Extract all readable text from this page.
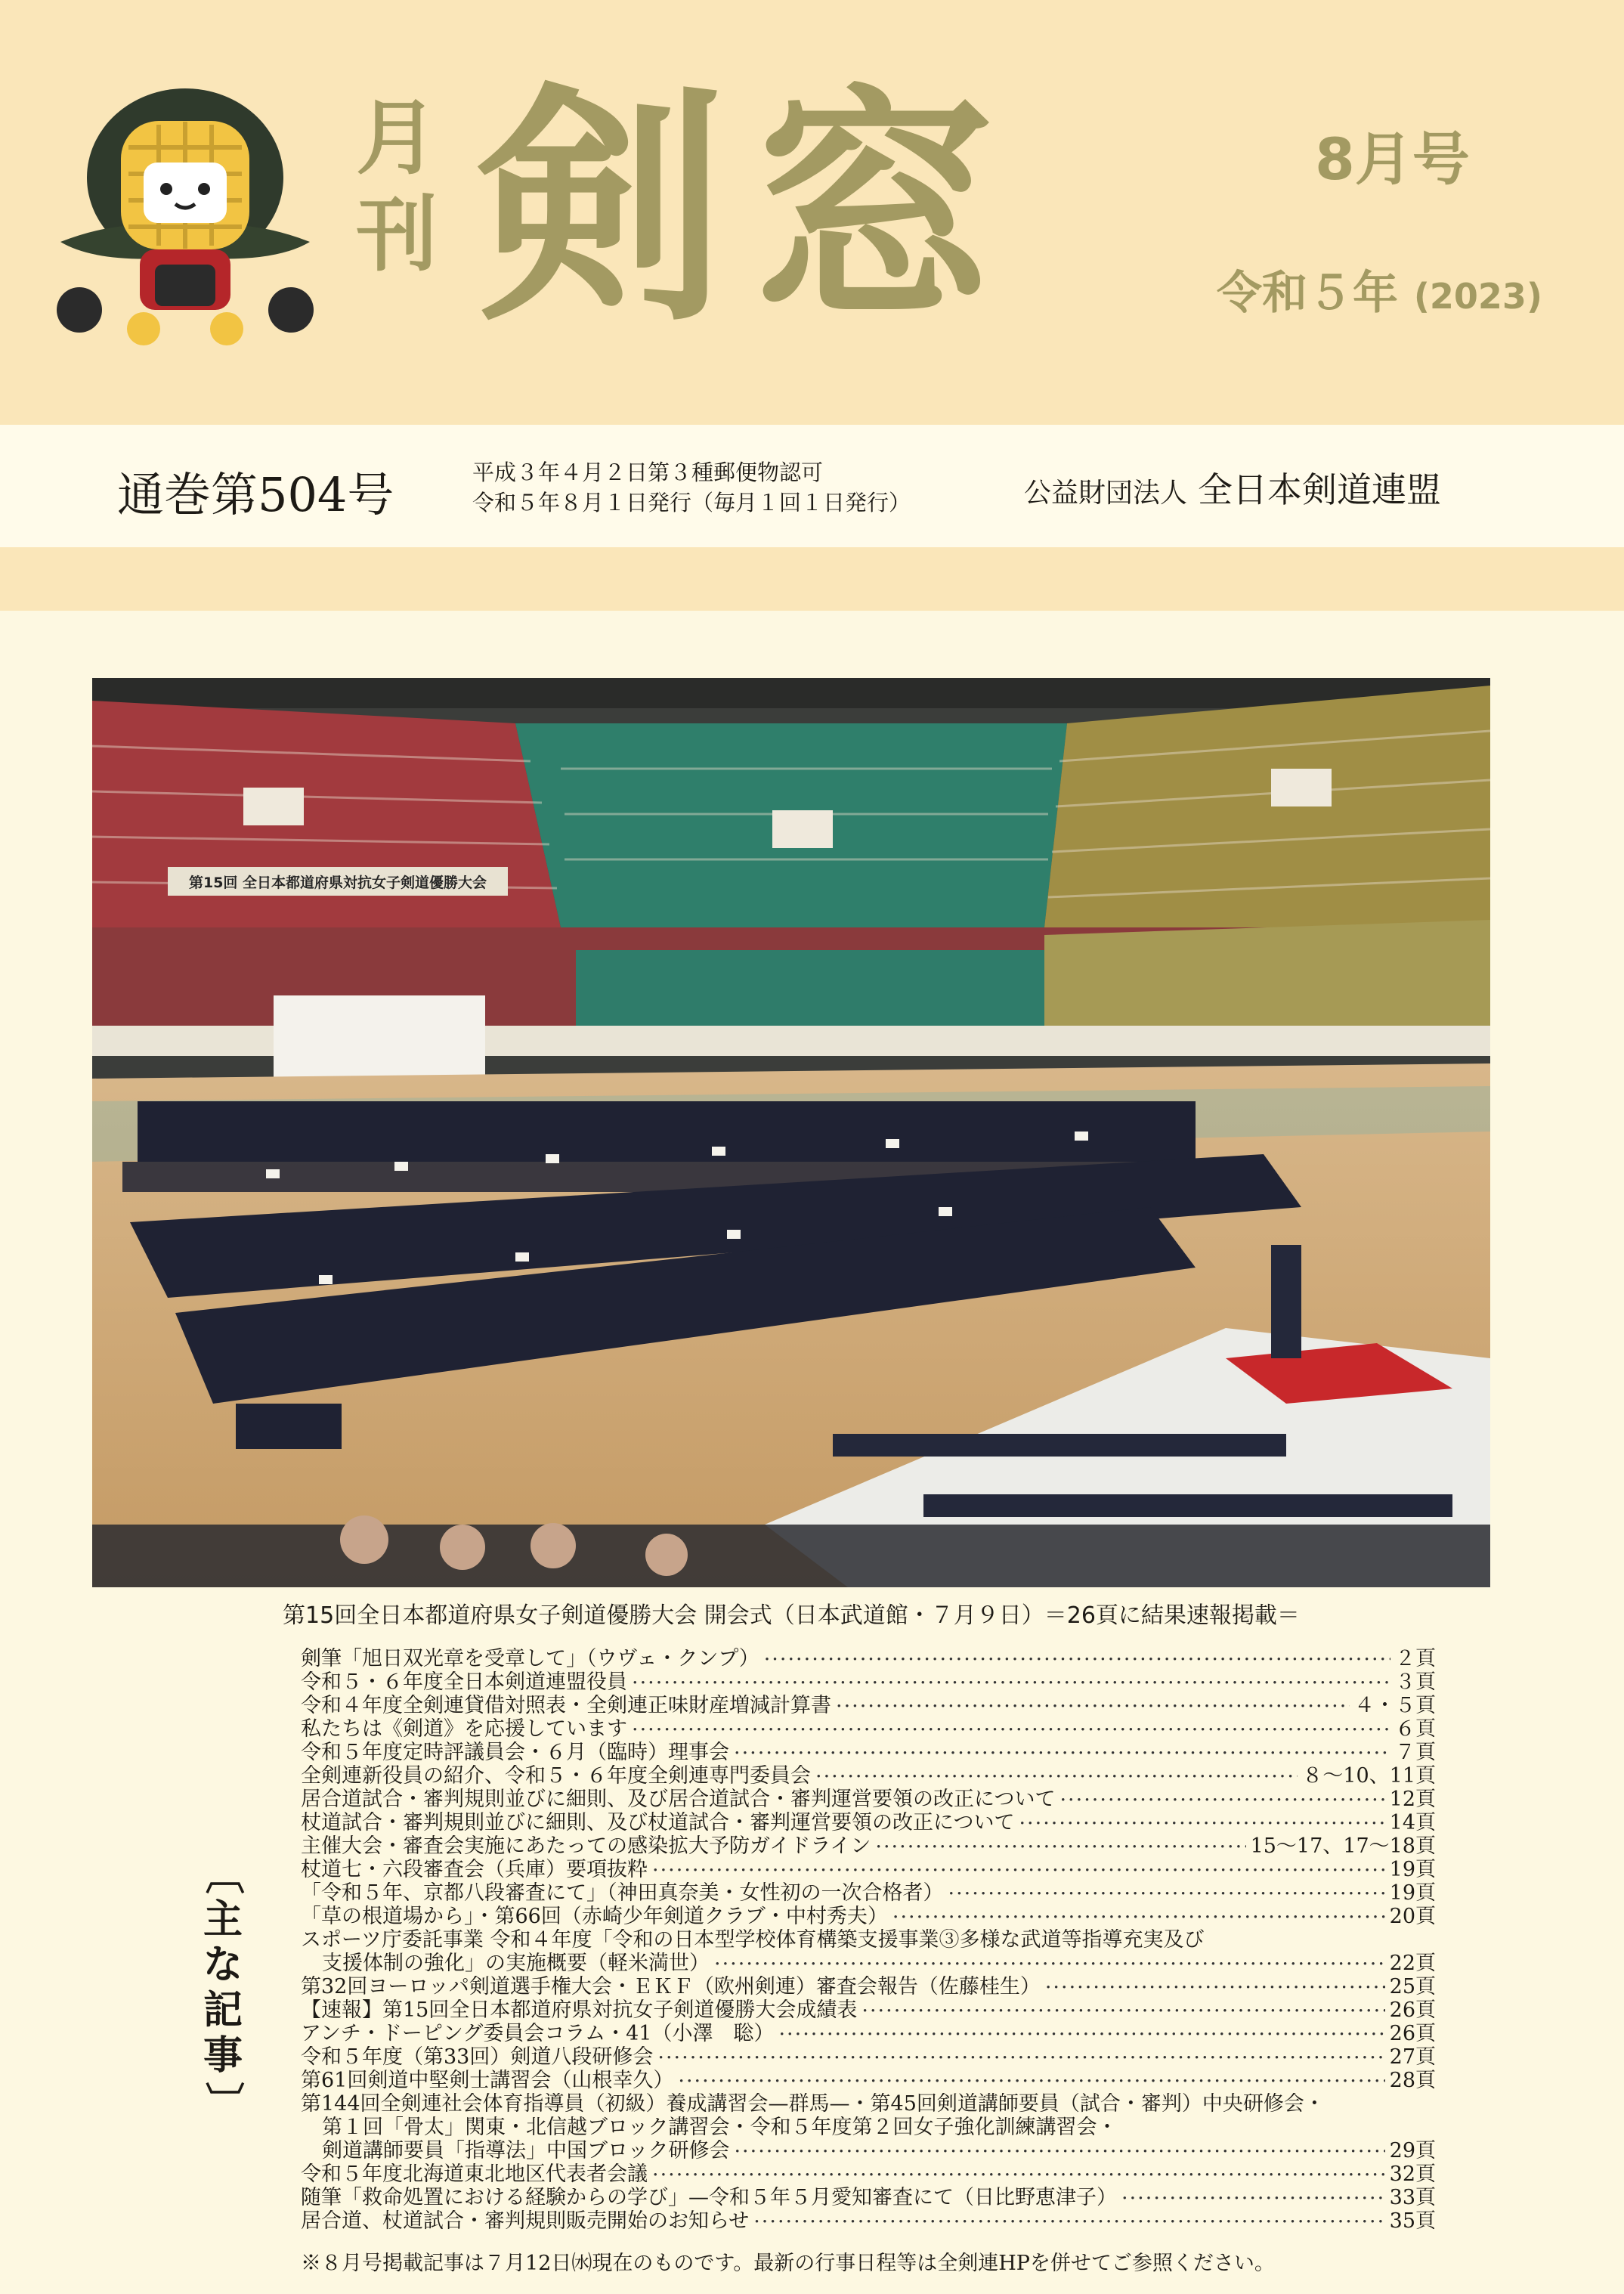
月刊 剣窓	8月号
令和５年 (2023)
通巻第504号	平成３年４月２日第３種郵便物認可
令和５年８月１日発行（毎月１回１日発行）	公益財団法人 全日本剣道連盟
第15回 全日本都道府県対抗女子剣道優勝大会
第15回全日本都道府県女子剣道優勝大会 開会式（日本武道館・７月９日）＝26頁に結果速報掲載＝
〔
主な記事
〕
剣筆「旭日双光章を受章して」（ウヴェ・クンプ） ·····	２頁
令和５・６年度全日本剣道連盟役員 ·····	３頁
令和４年度全剣連貸借対照表・全剣連正味財産増減計算書 ·····	４・５頁
私たちは《剣道》を応援しています ·····	６頁
令和５年度定時評議員会・６月（臨時）理事会 ·····	７頁
全剣連新役員の紹介、令和５・６年度全剣連専門委員会 ·····	８～10、11頁
居合道試合・審判規則並びに細則、及び居合道試合・審判運営要領の改正について ·····	12頁
杖道試合・審判規則並びに細則、及び杖道試合・審判運営要領の改正について ·····	14頁
主催大会・審査会実施にあたっての感染拡大予防ガイドライン ·····	15～17、17～18頁
杖道七・六段審査会（兵庫）要項抜粋 ·····	19頁
「令和５年、京都八段審査にて」（神田真奈美・女性初の一次合格者） ·····	19頁
「草の根道場から」・第66回（赤崎少年剣道クラブ・中村秀夫） ·····	20頁
スポーツ庁委託事業 令和４年度「令和の日本型学校体育構築支援事業③多様な武道等指導充実及び
支援体制の強化」の実施概要（軽米満世） ·····	22頁
第32回ヨーロッパ剣道選手権大会・ＥＫＦ（欧州剣連）審査会報告（佐藤桂生） ·····	25頁
【速報】第15回全日本都道府県対抗女子剣道優勝大会成績表 ·····	26頁
アンチ・ドーピング委員会コラム・41（小澤　聡） ·····	26頁
令和５年度（第33回）剣道八段研修会 ·····	27頁
第61回剣道中堅剣士講習会（山根幸久） ·····	28頁
第144回全剣連社会体育指導員（初級）養成講習会—群馬—・第45回剣道講師要員（試合・審判）中央研修会・
第１回「骨太」関東・北信越ブロック講習会・令和５年度第２回女子強化訓練講習会・
剣道講師要員「指導法」中国ブロック研修会 ·····	29頁
令和５年度北海道東北地区代表者会議 ·····	32頁
随筆「救命処置における経験からの学び」—令和５年５月愛知審査にて（日比野恵津子） ·····	33頁
居合道、杖道試合・審判規則販売開始のお知らせ ·····	35頁
※８月号掲載記事は７月12日㈬現在のものです。最新の行事日程等は全剣連HPを併せてご参照ください。
